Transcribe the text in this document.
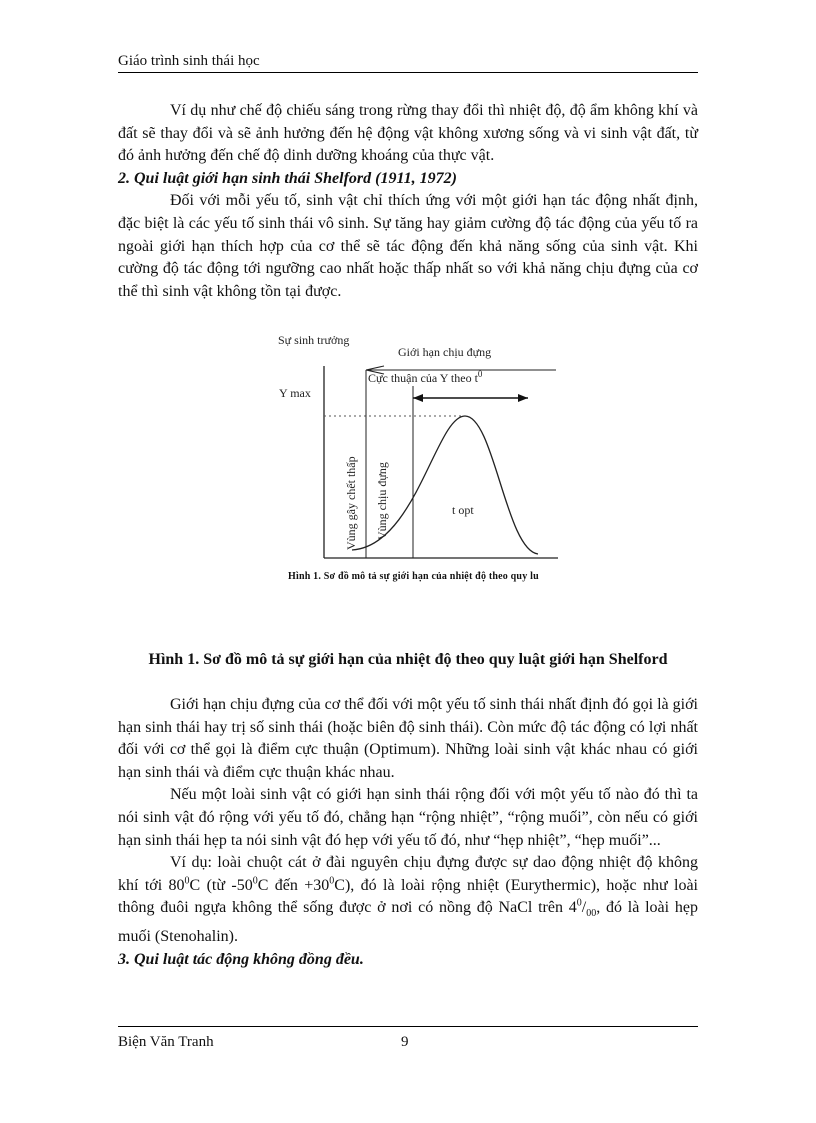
Giáo trình sinh thái học

Ví dụ như chế độ chiếu sáng trong rừng thay đổi thì nhiệt độ, độ ẩm không khí và đất sẽ thay đổi và sẽ ảnh hưởng đến hệ động vật không xương sống và vi sinh vật đất, từ đó ảnh hưởng đến chế độ dinh dưỡng khoáng của thực vật.

2. Qui luật giới hạn sinh thái Shelford (1911, 1972)

Đối với mỗi yếu tố, sinh vật chỉ thích ứng với một giới hạn tác động nhất định, đặc biệt là các yếu tố sinh thái vô sinh. Sự tăng hay giảm cường độ tác động của yếu tố ra ngoài giới hạn thích hợp của cơ thể sẽ tác động đến khả năng sống của sinh vật. Khi cường độ tác động tới ngưỡng cao nhất hoặc thấp nhất so với khả năng chịu đựng của cơ thể thì sinh vật không tồn tại được.

Sự sinh trưởng
Y max
Giới hạn chịu đựng
Cực thuận của Y theo $t^0$
Vùng gây chết thấp Vùng chịu đựng	t opt
Hình 1. Sơ đồ mô tả sự giới hạn của nhiệt độ theo quy lu
Hình 1. Sơ đồ mô tả sự giới hạn của nhiệt độ theo quy luật giới hạn Shelford

Giới hạn chịu đựng của cơ thể đối với một yếu tố sinh thái nhất định đó gọi là giới hạn sinh thái hay trị số sinh thái (hoặc biên độ sinh thái). Còn mức độ tác động có lợi nhất đối với cơ thể gọi là điểm cực thuận (Optimum). Những loài sinh vật khác nhau có giới hạn sinh thái và điểm cực thuận khác nhau.

Nếu một loài sinh vật có giới hạn sinh thái rộng đối với một yếu tố nào đó thì ta nói sinh vật đó rộng với yếu tố đó, chẳng hạn “rộng nhiệt”, “rộng muối”, còn nếu có giới hạn sinh thái hẹp ta nói sinh vật đó hẹp với yếu tố đó, như “hẹp nhiệt”, “hẹp muối”...

Ví dụ: loài chuột cát ở đài nguyên chịu đựng được sự dao động nhiệt độ không khí tới $80^0C$ (từ $-50^0C$ đến $+30^0C$), đó là loài rộng nhiệt (Eurythermic), hoặc như loài thông đuôi ngựa không thể sống được ở nơi có nồng độ NaCl trên $4^0/_{00}$, đó là loài hẹp muối (Stenohalin).

3. Qui luật tác động không đồng đều.

Biện Văn Tranh	9
